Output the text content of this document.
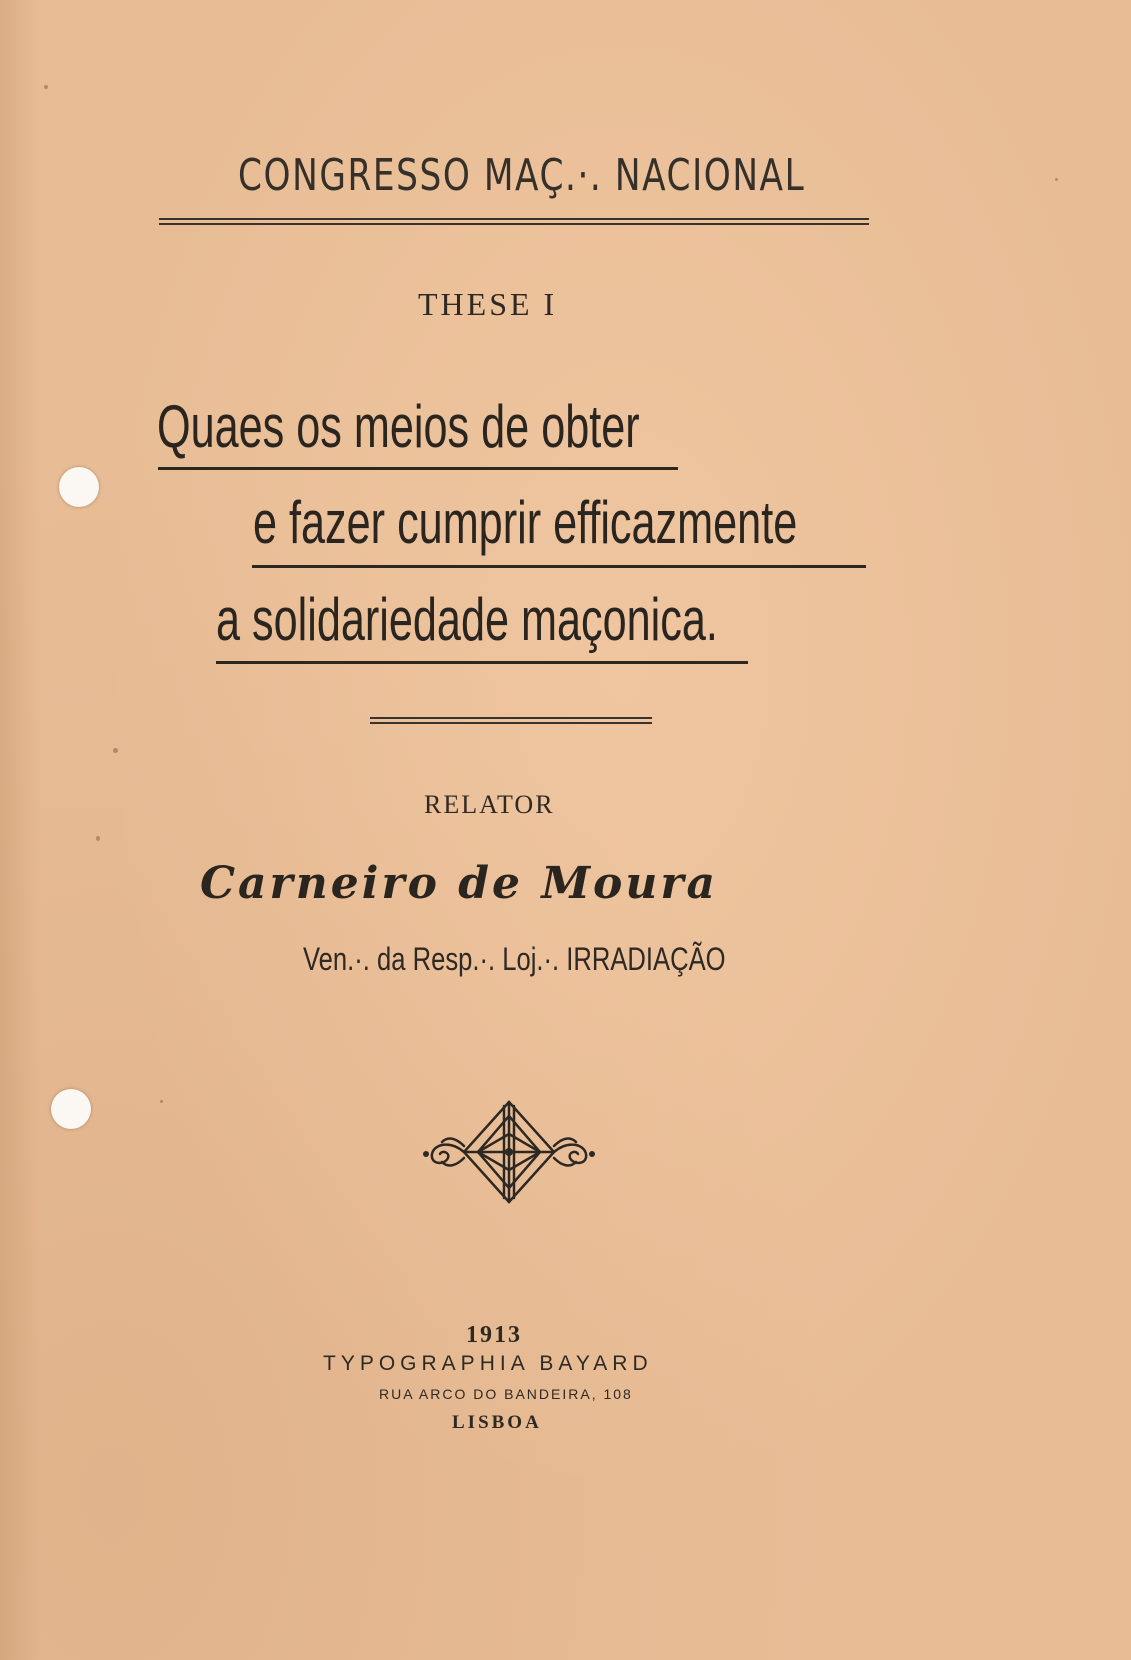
CONGRESSO MAÇ.·. NACIONAL
THESE I
Quaes os meios de obter
e fazer cumprir efficazmente
a solidariedade maçonica.
RELATOR
Carneiro de Moura
Ven.·. da Resp.·. Loj.·. IRRADIAÇÃO
1913
TYPOGRAPHIA BAYARD
RUA ARCO DO BANDEIRA, 108
LISBOA
